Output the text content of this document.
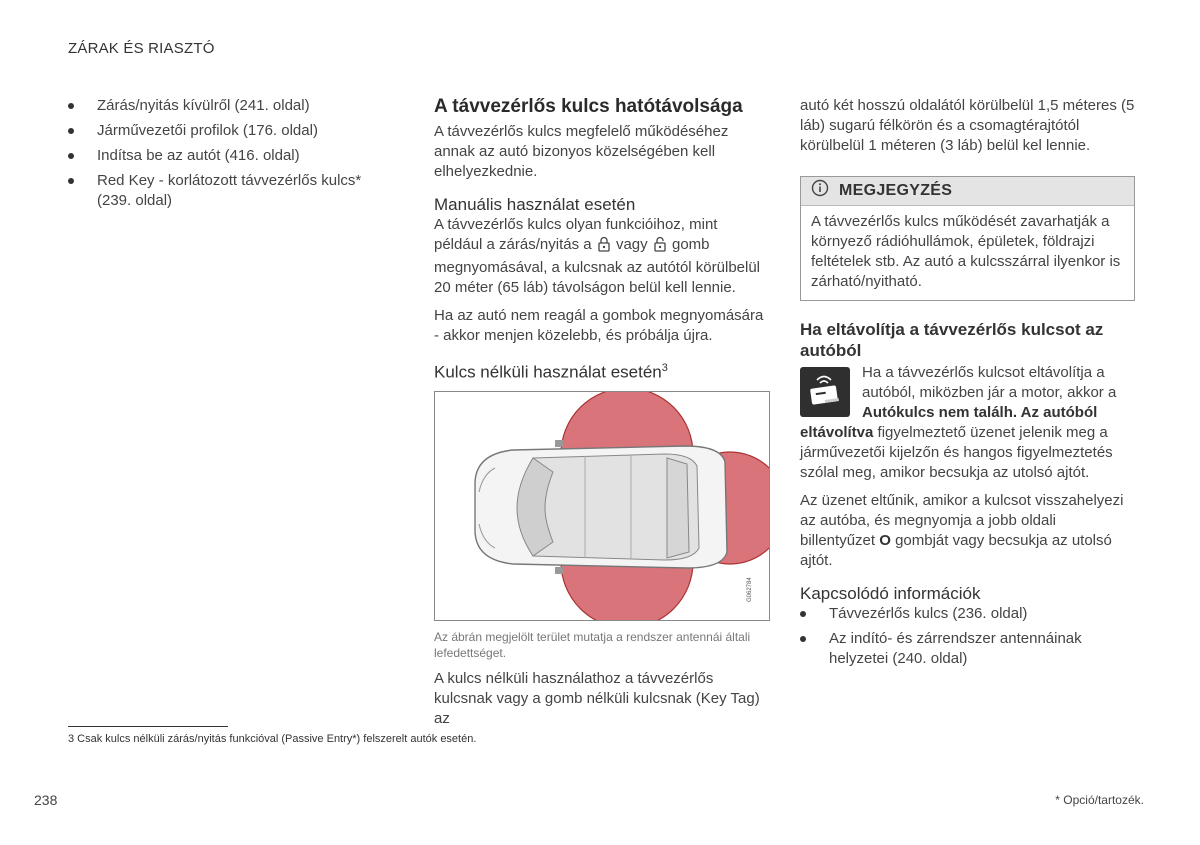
ZÁRAK ÉS RIASZTÓ
Zárás/nyitás kívülről (241. oldal)
Járművezetői profilok (176. oldal)
Indítsa be az autót (416. oldal)
Red Key - korlátozott távvezérlős kulcs* (239. oldal)
A távvezérlős kulcs hatótávolsága

A távvezérlős kulcs megfelelő működéséhez annak az autó bizonyos közelségében kell elhelyezkednie.

Manuális használat esetén

A távvezérlős kulcs olyan funkcióihoz, mint például a zárás/nyitás a vagy gomb megnyomásával, a kulcsnak az autótól körülbelül 20 méter (65 láb) távolságon belül kell lennie.

Ha az autó nem reagál a gombok megnyomására - akkor menjen közelebb, és próbálja újra.

Kulcs nélküli használat esetén$^3$
G062784

Az ábrán megjelölt terület mutatja a rendszer antennái általi lefedettséget.

A kulcs nélküli használathoz a távvezérlős kulcsnak vagy a gomb nélküli kulcsnak (Key Tag) az

autó két hosszú oldalától körülbelül 1,5 méteres (5 láb) sugarú félkörön és a csomagtérajtótól körülbelül 1 méteren (3 láb) belül kel lennie.

MEGJEGYZÉS
A távvezérlős kulcs működését zavarhatják a környező rádióhullámok, épületek, földrajzi feltételek stb. Az autó a kulcsszárral ilyenkor is zárható/nyitható.
Ha eltávolítja a távvezérlős kulcsot az autóból

Ha a távvezérlős kulcsot eltávolítja a autóból, miközben jár a motor, akkor a Autókulcs nem találh. Az autóból eltávolítva figyelmeztető üzenet jelenik meg a járművezetői kijelzőn és hangos figyelmeztetés szólal meg, amikor becsukja az utolsó ajtót.

Az üzenet eltűnik, amikor a kulcsot visszahelyezi az autóba, és megnyomja a jobb oldali billentyűzet O gombját vagy becsukja az utolsó ajtót.

Kapcsolódó információk
Távvezérlős kulcs (236. oldal)
Az indító- és zárrendszer antennáinak helyzetei (240. oldal)
3 Csak kulcs nélküli zárás/nyitás funkcióval (Passive Entry*) felszerelt autók esetén.
238	* Opció/tartozék.
